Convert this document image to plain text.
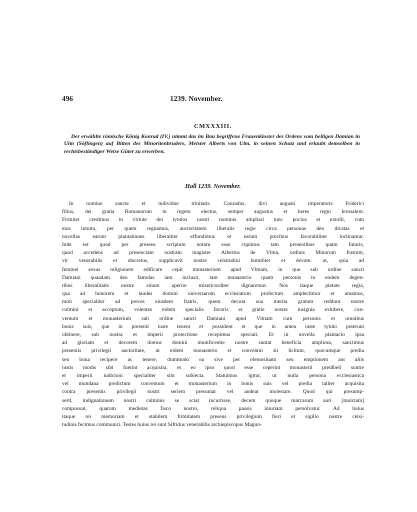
496	1239. November.
CMXXXIII.
Der erwählte römische König Konrad (IV.) nimmt das im Bau begriffene Frauenkloster des Ordens vom heiligen Damian in Ulm (Söflingen) auf Bitten des Minoritenbruders, Meister Alberts von Ulm, in seinen Schutz und erlaubt demselben in rechtsbeständiger Weise Güter zu erwerben.
Hall 1239. November.
In nomine sancte et individue trinitatis. Conradus, divi augusti imperatoris Friderici
filius, dei gratia Romanorum in regem electus, semper augustus et heres regni Ierosalem.
Firmiter credimus in virtute dei tytulos nostri nominis ampliari tunc pocius et extolli, cum
eius intuitu, per quem regnamus, auctoritatem liberalis regie circa personas deo dicatas et
novellas earum plantationes liberaliter effundimus et earum precibus favorabiliter inclinamur.
Inde est quod per presens scriptum notum esse cupimus tam presentibus quam futuris,
quod accedens ad presenciam nostram magister Albertus de Vlma, ordinis Minorum fratrum,
vir venerabilis et discretus, supplicavit nostre celsitudini humiliter et devote: ut, quia ad
feminei sexus religionem edificare cepit monasterium apud Vlmam, in quo sub ordine sancti
Damiani quaadam deo famulas iam inclusit, tam monasterio quam personis in eodem degen-
tibus liberalitatis nostre sinum aperire misericorditer dignaremur. Nos itaque pietate regia,
qua ad honorem et laudes domini universarum ecclesiarum profectum amplectimur et amamus,
moti specialiter ad preces eiusdem fratris, quem devota sua merita gratum reddunt nostre
culmini et acceptum, volentes eidem specialis favoris et gratie nostre insignia exhibere, con-
ventum et monasterium sub ordine sancti Damiani apud Vlmam cum personis et omnibus
bonis suis, que in presenti iuste tenent et possident et que in antea iuste tytulo poterunt
obtinere, sub nostra et imperii protectione recepimus speciali. Et ut novella plantacio ipsa
ad gloriam et decorem domus domini munificentie nostre sumat beneficia ampliora, sanctimus
presentis privilegii auctoritate, ut eidem monasterio et conventui sit licitum, quocumque predia
seu bona recipere ac tenere, dummodo ea sive per elemosinam seu emptionem aut aliis
iustis modis sibi fuerint acquisita, et eo ipso quod esse ceperint monasterii predibeli suntre
et imperii iudicioni specialiter sint subiecta. Statuimus igitur, ut nulla persona ecclesiastica
vel mundana predictum conventum et monasterium in bonis suis vel predia taliter acquisita
contra presentis privilegii nostri seriem presumat vel audeat molestare. Quod qui presump-
serit, indignationem nostri culminis se sciat incurrisse, decem quoque marcarum auri [mulctam]
composuat, quarum medietas fisco nostro, reliqua passis iniuriam persolvatur. Ad huius
itaque rei memoriam et stabilem firmitatem presens privilegium fieri et sigillo nostre celsi-
tudinis fecimus communiri. Testes huius rei sunt Sifridus venerabilis archiepiscopus Magun-
